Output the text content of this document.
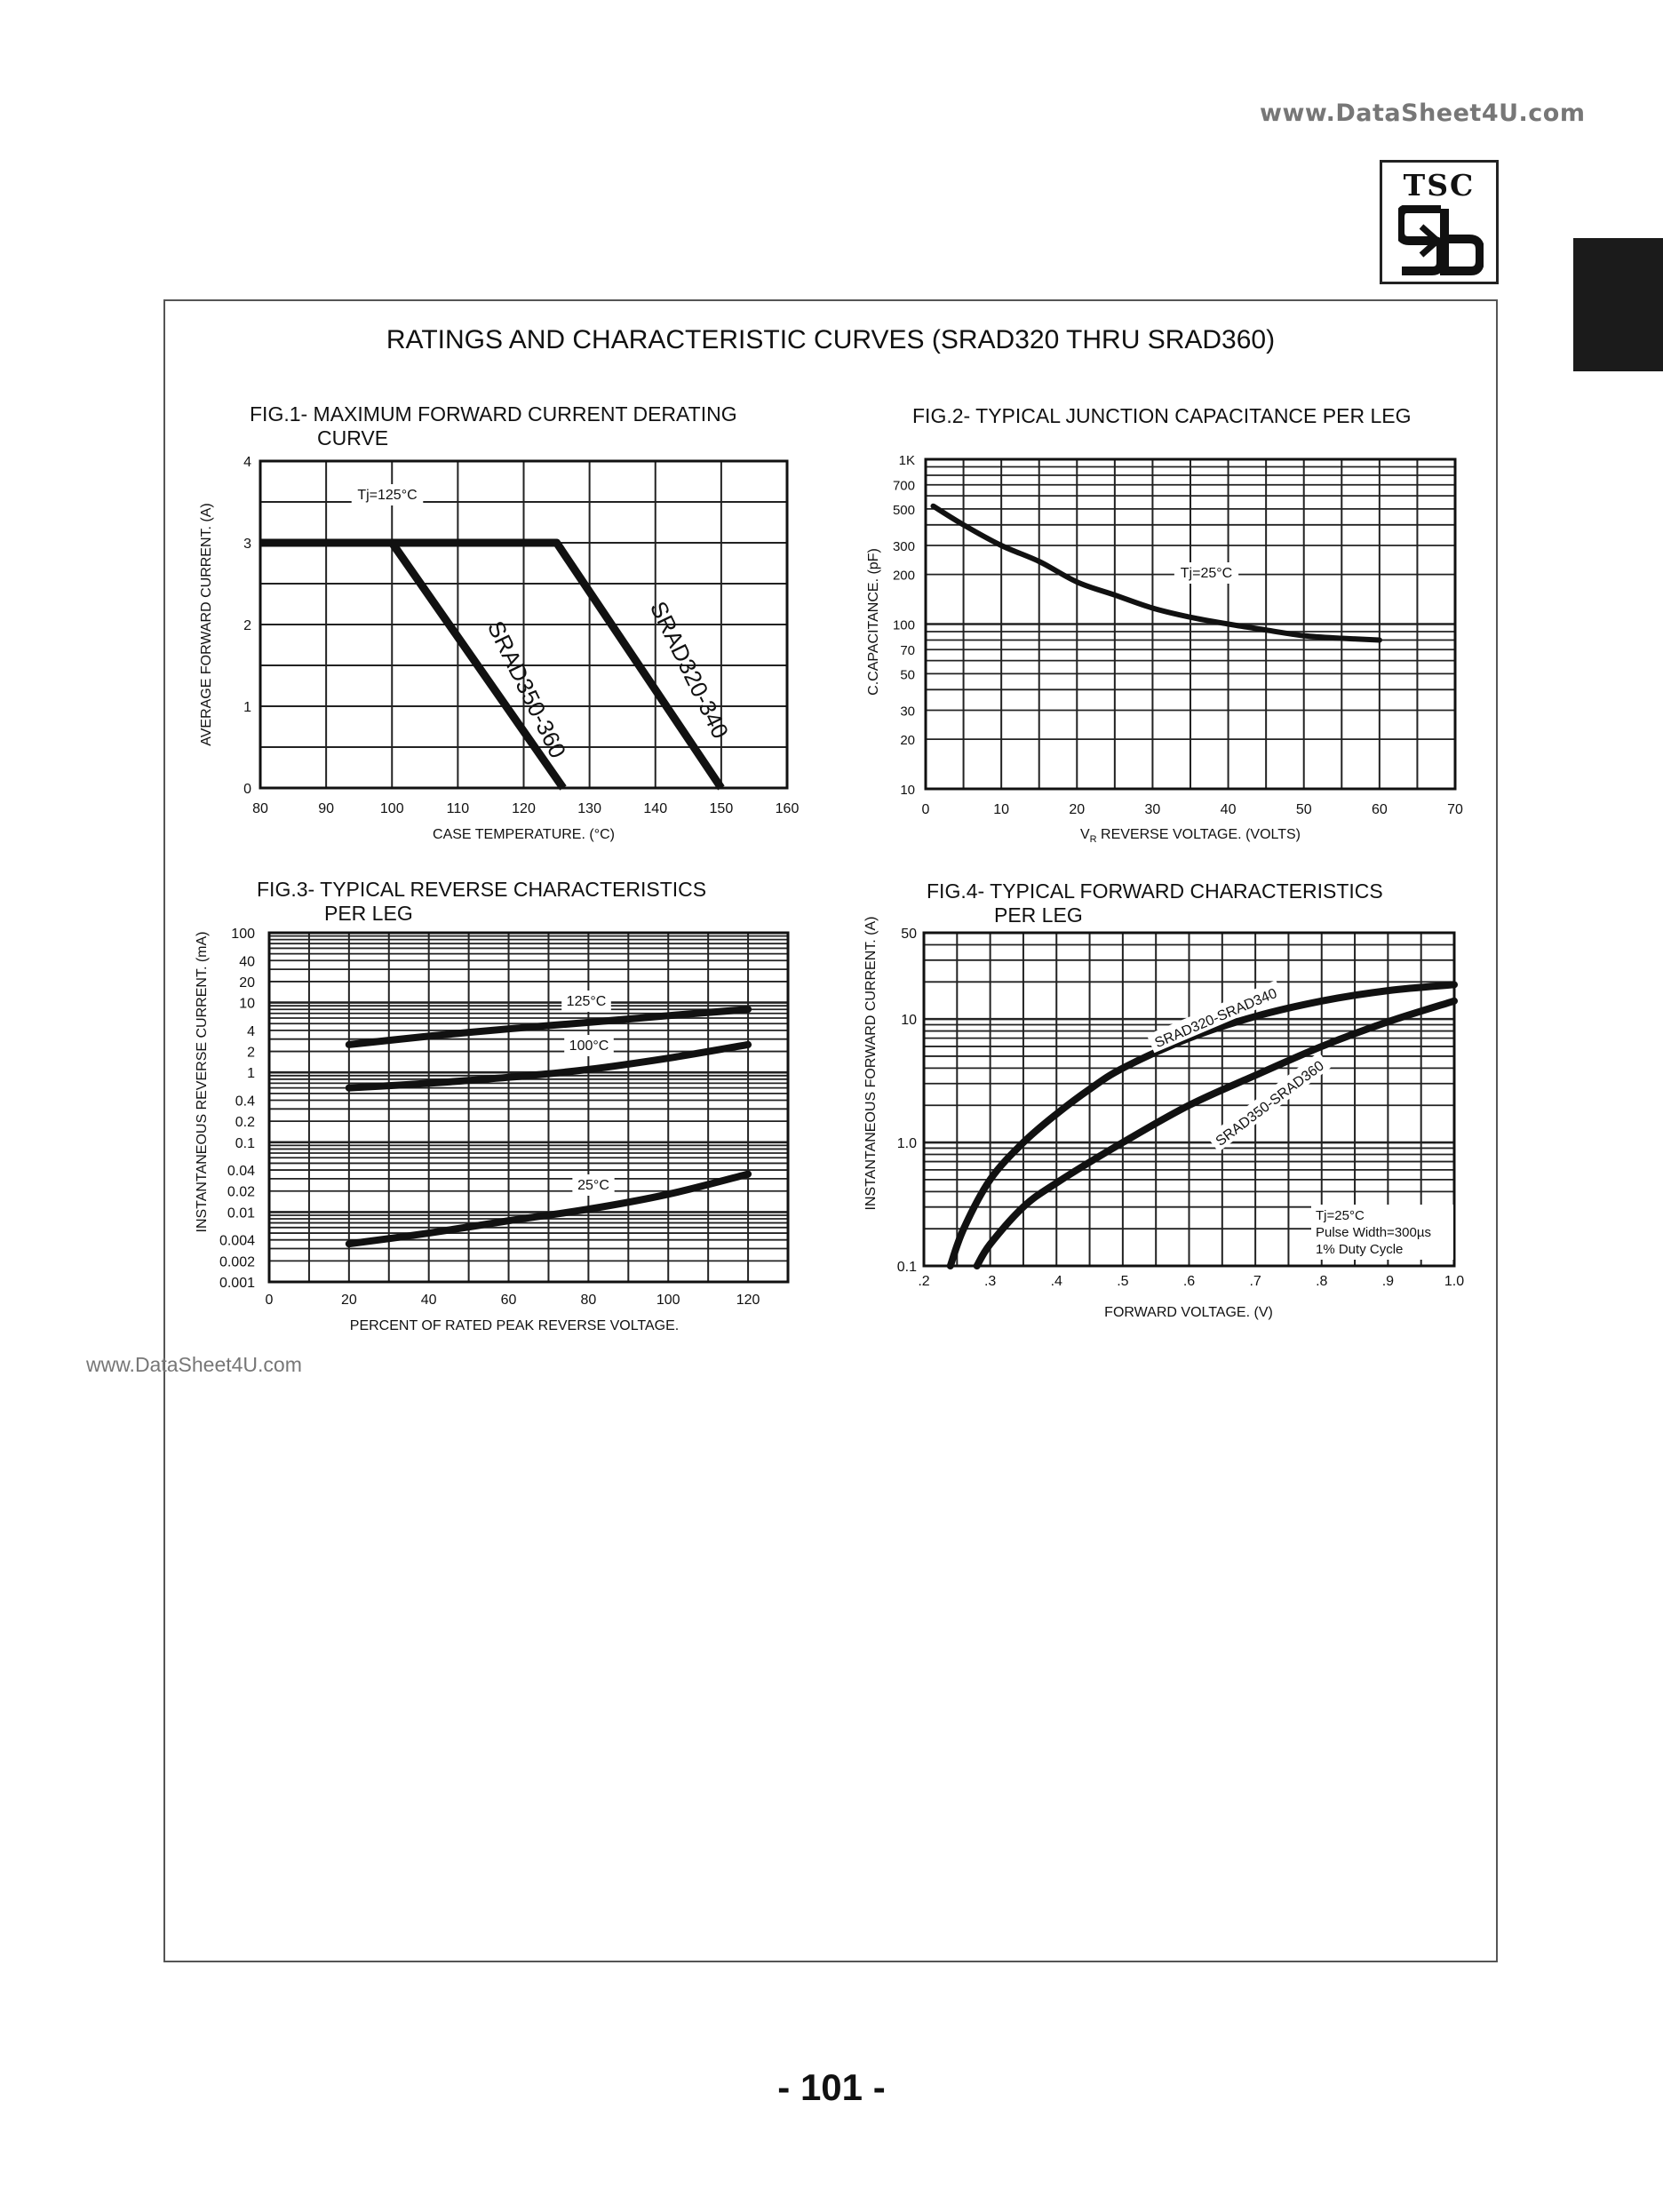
www.DataSheet4U.com
TSC
RATINGS AND CHARACTERISTIC CURVES (SRAD320 THRU SRAD360)
FIG.1- MAXIMUM FORWARD CURRENT DERATING
CURVE
FIG.2- TYPICAL JUNCTION CAPACITANCE PER LEG
FIG.3- TYPICAL REVERSE CHARACTERISTICS
PER LEG
FIG.4- TYPICAL FORWARD CHARACTERISTICS
PER LEG
80	90	100	110	120	130	140	150	160
0
1
2
3
4
SRAD350-360	SRAD320-340
Tj=125°C
CASE TEMPERATURE. (°C)
AVERAGE FORWARD CURRENT. (A)
0	10	20	30	40	50	60	70
10
20
30
50
70
100
200
300
500
700
1K
Tj=25°C
$V_R$ REVERSE VOLTAGE. (VOLTS)
C.CAPACITANCE. (pF)
0	20	40	60	80	100	120
0.001
0.002
0.004
0.01
0.02
0.04
0.1
0.2
0.4
1
2
4
10
20
40
100
125°C
100°C
25°C
PERCENT OF RATED PEAK REVERSE VOLTAGE.
INSTANTANEOUS REVERSE CURRENT. (mA)
.2	.3	.4	.5	.6	.7	.8	.9	1.0
0.1
1.0
10
50
SRAD320-SRAD340
SRAD350-SRAD360
Tj=25°C
Pulse Width=300µs
1% Duty Cycle
FORWARD VOLTAGE. (V)
INSTANTANEOUS FORWARD CURRENT. (A)
www.DataSheet4U.com
- 101 -
